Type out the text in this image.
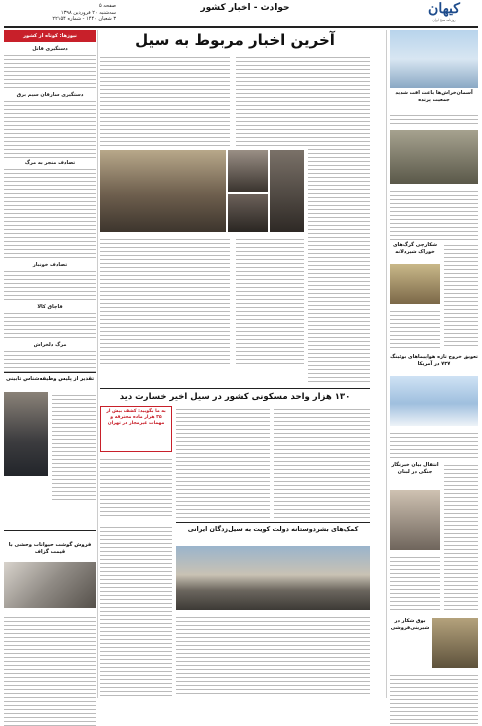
صفحه ۵
سه‌شنبه ۲۰ فروردین ۱۳۹۸
۳ شعبان ۱۴۴۰ - شماره ۲۲۱۵۴
حوادث - اخبار کشور	کیهان
روزنامه صبح ایران
نیوزها: کوتاه از کشور
دستگیری قاتل
دستگیری سارقان سیم برق
تصادف منجر به مرگ
تصادف خونبار
قاچاق کالا
مرگ دلخراش
تقدیر از پلیس وظیفه‌شناس تابینی
فروش گوشت حیوانات وحشی با قیمت گزاف
آخرین اخبار مربوط به سیل
۱۳۰ هزار واحد مسکونی کشور در سیل اخیر خسارت دید
به ما بگویید: کشف بیش از ۳۵ هزار ماده محترقه و مهمات غیرمجاز در تهران
کمک‌های بشردوستانه دولت کویت به سیل‌زدگان ایرانی
آسمان‌خراش‌ها باعث افت شدید جمعیت پرنده
شکارچی گرگ‌های خوراک شیردلانه
تعویق خروج تازه هواپیماهای بوئینگ ۷۳۷ در آمریکا
انتقال بیان خبرنگار جنگی در لبنان
بوق شکار در شیرینی‌فروشی
